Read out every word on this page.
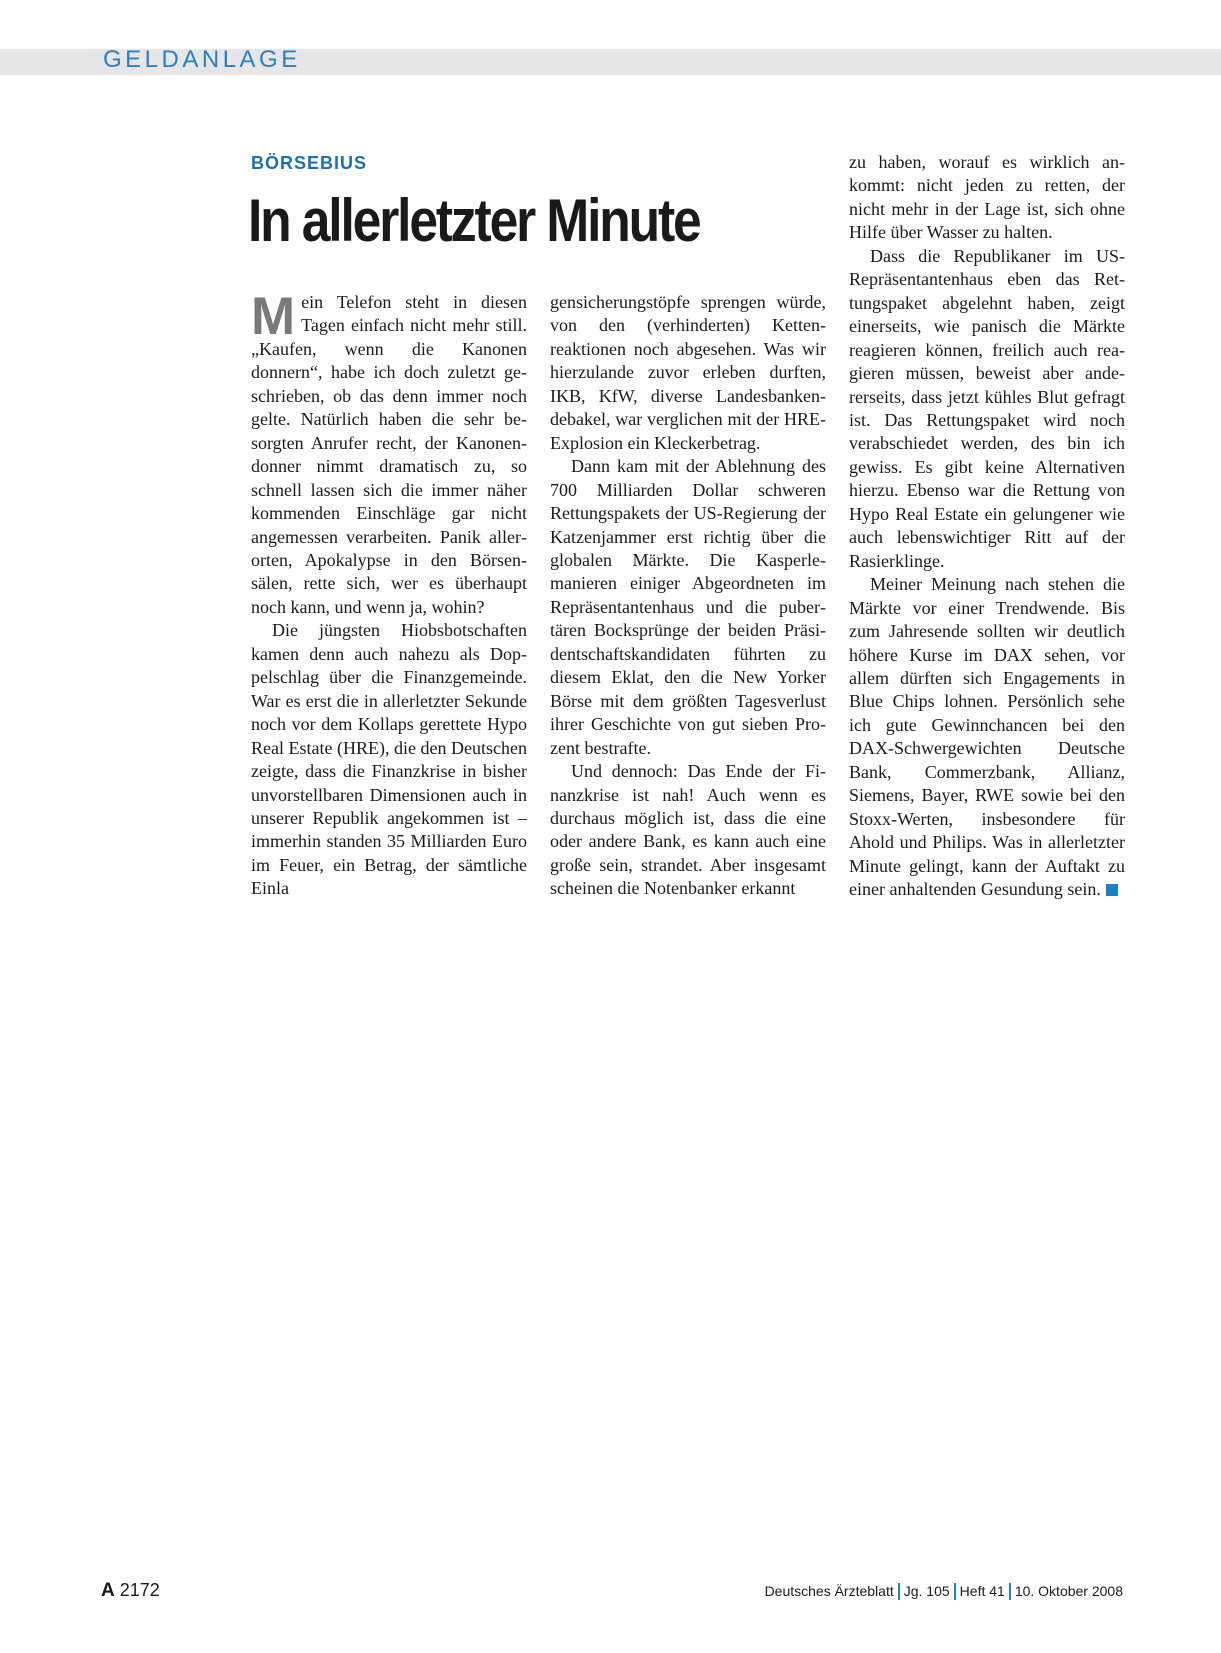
GELDANLAGE
BÖRSEBIUS
In allerletzter Minute

Mein Telefon steht in diesen Tagen einfach nicht mehr still. „Kaufen, wenn die Kanonen donnern“, habe ich doch zuletzt geschrieben, ob das denn immer noch gelte. Natürlich haben die sehr besorgten Anrufer recht, der Kanonendonner nimmt dramatisch zu, so schnell lassen sich die immer näher kommenden Einschläge gar nicht angemessen verarbeiten. Panik allerorten, Apokalypse in den Börsensälen, rette sich, wer es überhaupt noch kann, und wenn ja, wohin?

Die jüngsten Hiobsbotschaften kamen denn auch nahezu als Doppelschlag über die Finanzgemeinde. War es erst die in allerletzter Sekunde noch vor dem Kollaps gerettete Hypo Real Estate (HRE), die den Deutschen zeigte, dass die Finanzkrise in bisher unvorstellbaren Dimensionen auch in unserer Republik angekommen ist – immerhin standen 35 Milliarden Euro im Feuer, ein Betrag, der sämtliche Einla

gensicherungstöpfe sprengen würde, von den (verhinderten) Kettenreaktionen noch abgesehen. Was wir hierzulande zuvor erleben durften, IKB, KfW, diverse Landesbankendebakel, war verglichen mit der HRE-Explosion ein Kleckerbetrag.

Dann kam mit der Ablehnung des 700 Milliarden Dollar schweren Rettungspakets der US-Regierung der Katzenjammer erst richtig über die globalen Märkte. Die Kasperlemanieren einiger Abgeordneten im Repräsentantenhaus und die pubertären Bocksprünge der beiden Präsidentschaftskandidaten führten zu diesem Eklat, den die New Yorker Börse mit dem größten Tagesverlust ihrer Geschichte von gut sieben Prozent bestrafte.

Und dennoch: Das Ende der Finanzkrise ist nah! Auch wenn es durchaus möglich ist, dass die eine oder andere Bank, es kann auch eine große sein, strandet. Aber insgesamt scheinen die Notenbanker erkannt

zu haben, worauf es wirklich ankommt: nicht jeden zu retten, der nicht mehr in der Lage ist, sich ohne Hilfe über Wasser zu halten.

Dass die Republikaner im US-Repräsentantenhaus eben das Rettungspaket abgelehnt haben, zeigt einerseits, wie panisch die Märkte reagieren können, freilich auch reagieren müssen, beweist aber andererseits, dass jetzt kühles Blut gefragt ist. Das Rettungspaket wird noch verabschiedet werden, des bin ich gewiss. Es gibt keine Alternativen hierzu. Ebenso war die Rettung von Hypo Real Estate ein gelungener wie auch lebenswichtiger Ritt auf der Rasierklinge.

Meiner Meinung nach stehen die Märkte vor einer Trendwende. Bis zum Jahresende sollten wir deutlich höhere Kurse im DAX sehen, vor allem dürften sich Engagements in Blue Chips lohnen. Persönlich sehe ich gute Gewinnchancen bei den DAX-Schwergewichten Deutsche Bank, Commerzbank, Allianz, Siemens, Bayer, RWE sowie bei den Stoxx-Werten, insbesondere für Ahold und Philips. Was in allerletzter Minute gelingt, kann der Auftakt zu einer anhaltenden Gesundung sein.

A 2172	Deutsches Ärzteblatt Jg. 105 Heft 41 10. Oktober 2008
